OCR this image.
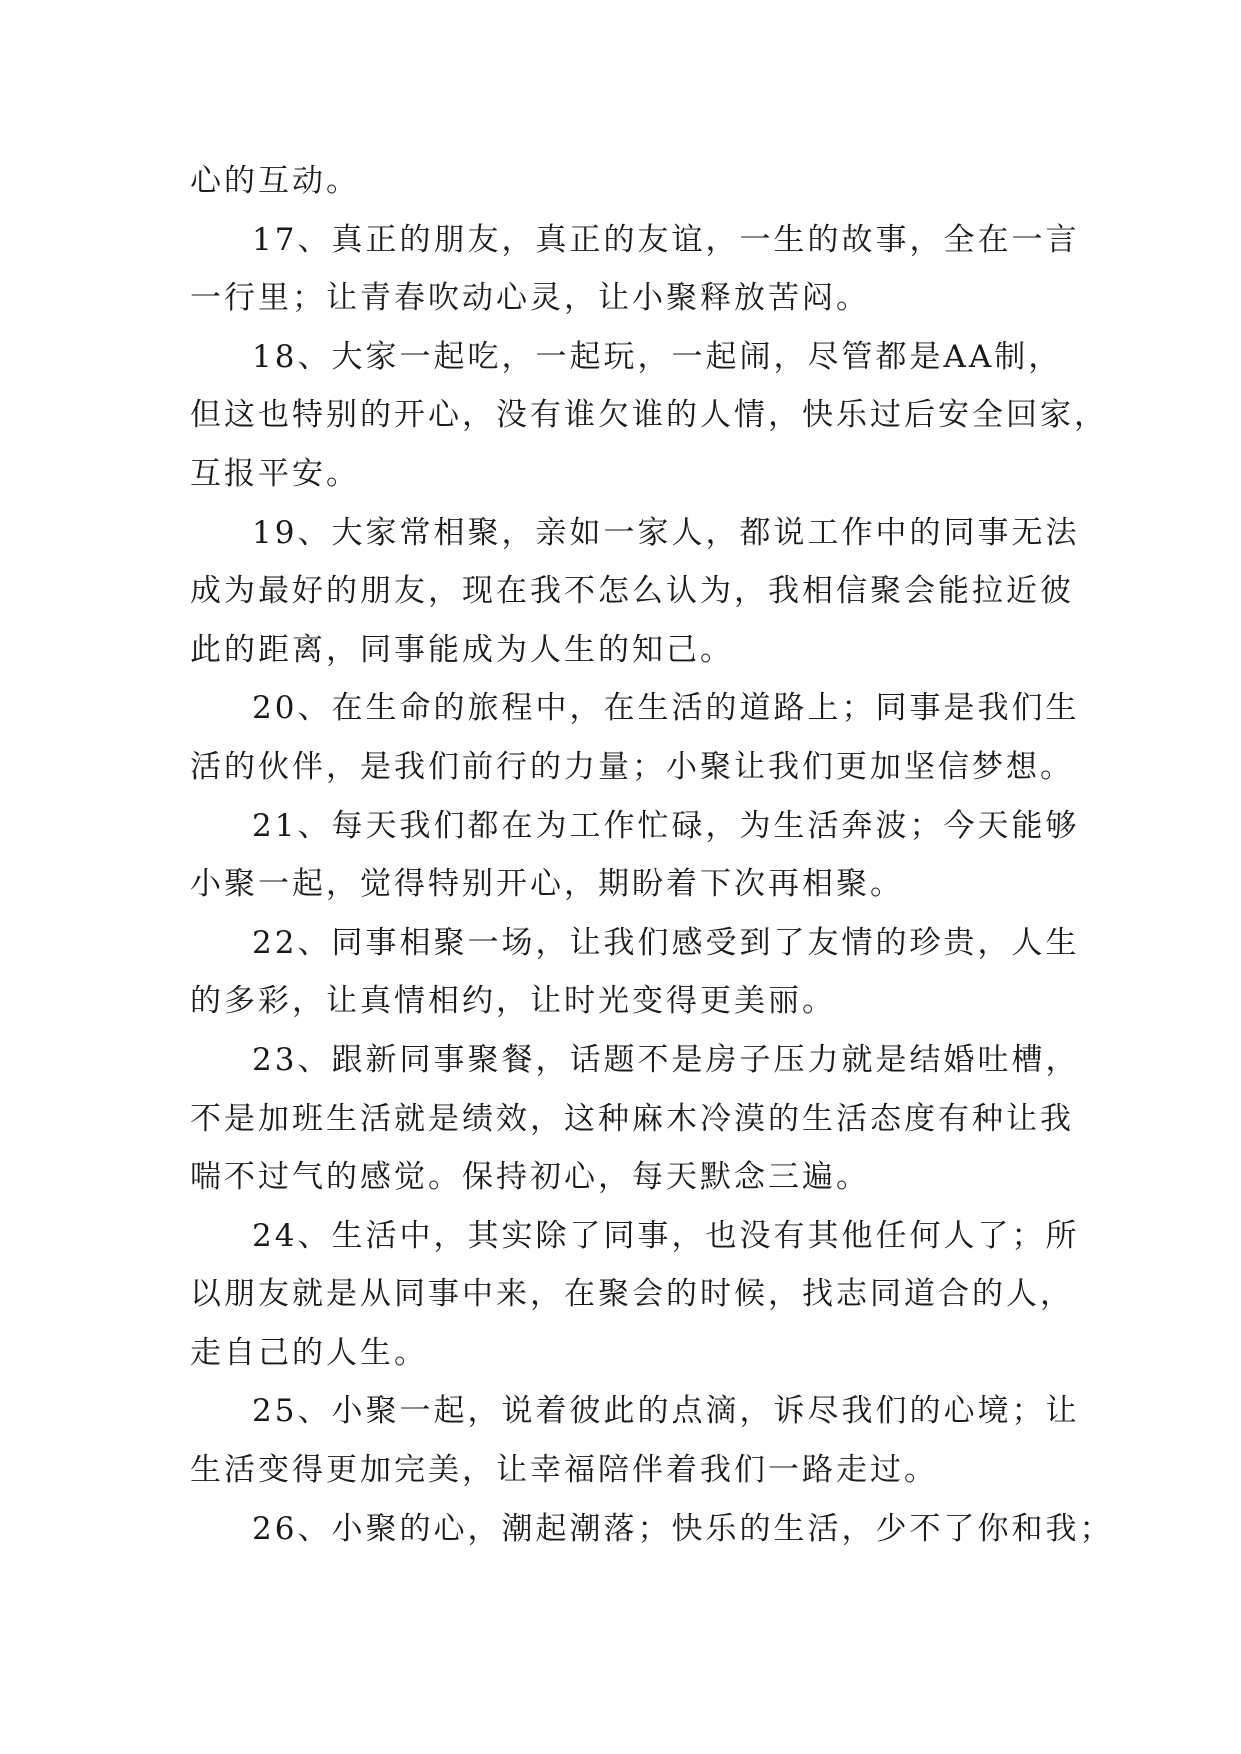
心的互动。
17、真正的朋友，真正的友谊，一生的故事，全在一言
一行里；让青春吹动心灵，让小聚释放苦闷。
18、大家一起吃，一起玩，一起闹，尽管都是AA制，
但这也特别的开心，没有谁欠谁的人情，快乐过后安全回家，
互报平安。
19、大家常相聚，亲如一家人，都说工作中的同事无法
成为最好的朋友，现在我不怎么认为，我相信聚会能拉近彼
此的距离，同事能成为人生的知己。
20、在生命的旅程中，在生活的道路上；同事是我们生
活的伙伴，是我们前行的力量；小聚让我们更加坚信梦想。
21、每天我们都在为工作忙碌，为生活奔波；今天能够
小聚一起，觉得特别开心，期盼着下次再相聚。
22、同事相聚一场，让我们感受到了友情的珍贵，人生
的多彩，让真情相约，让时光变得更美丽。
23、跟新同事聚餐，话题不是房子压力就是结婚吐槽，
不是加班生活就是绩效，这种麻木冷漠的生活态度有种让我
喘不过气的感觉。保持初心，每天默念三遍。
24、生活中，其实除了同事，也没有其他任何人了；所
以朋友就是从同事中来，在聚会的时候，找志同道合的人，
走自己的人生。
25、小聚一起，说着彼此的点滴，诉尽我们的心境；让
生活变得更加完美，让幸福陪伴着我们一路走过。
26、小聚的心，潮起潮落；快乐的生活，少不了你和我；
